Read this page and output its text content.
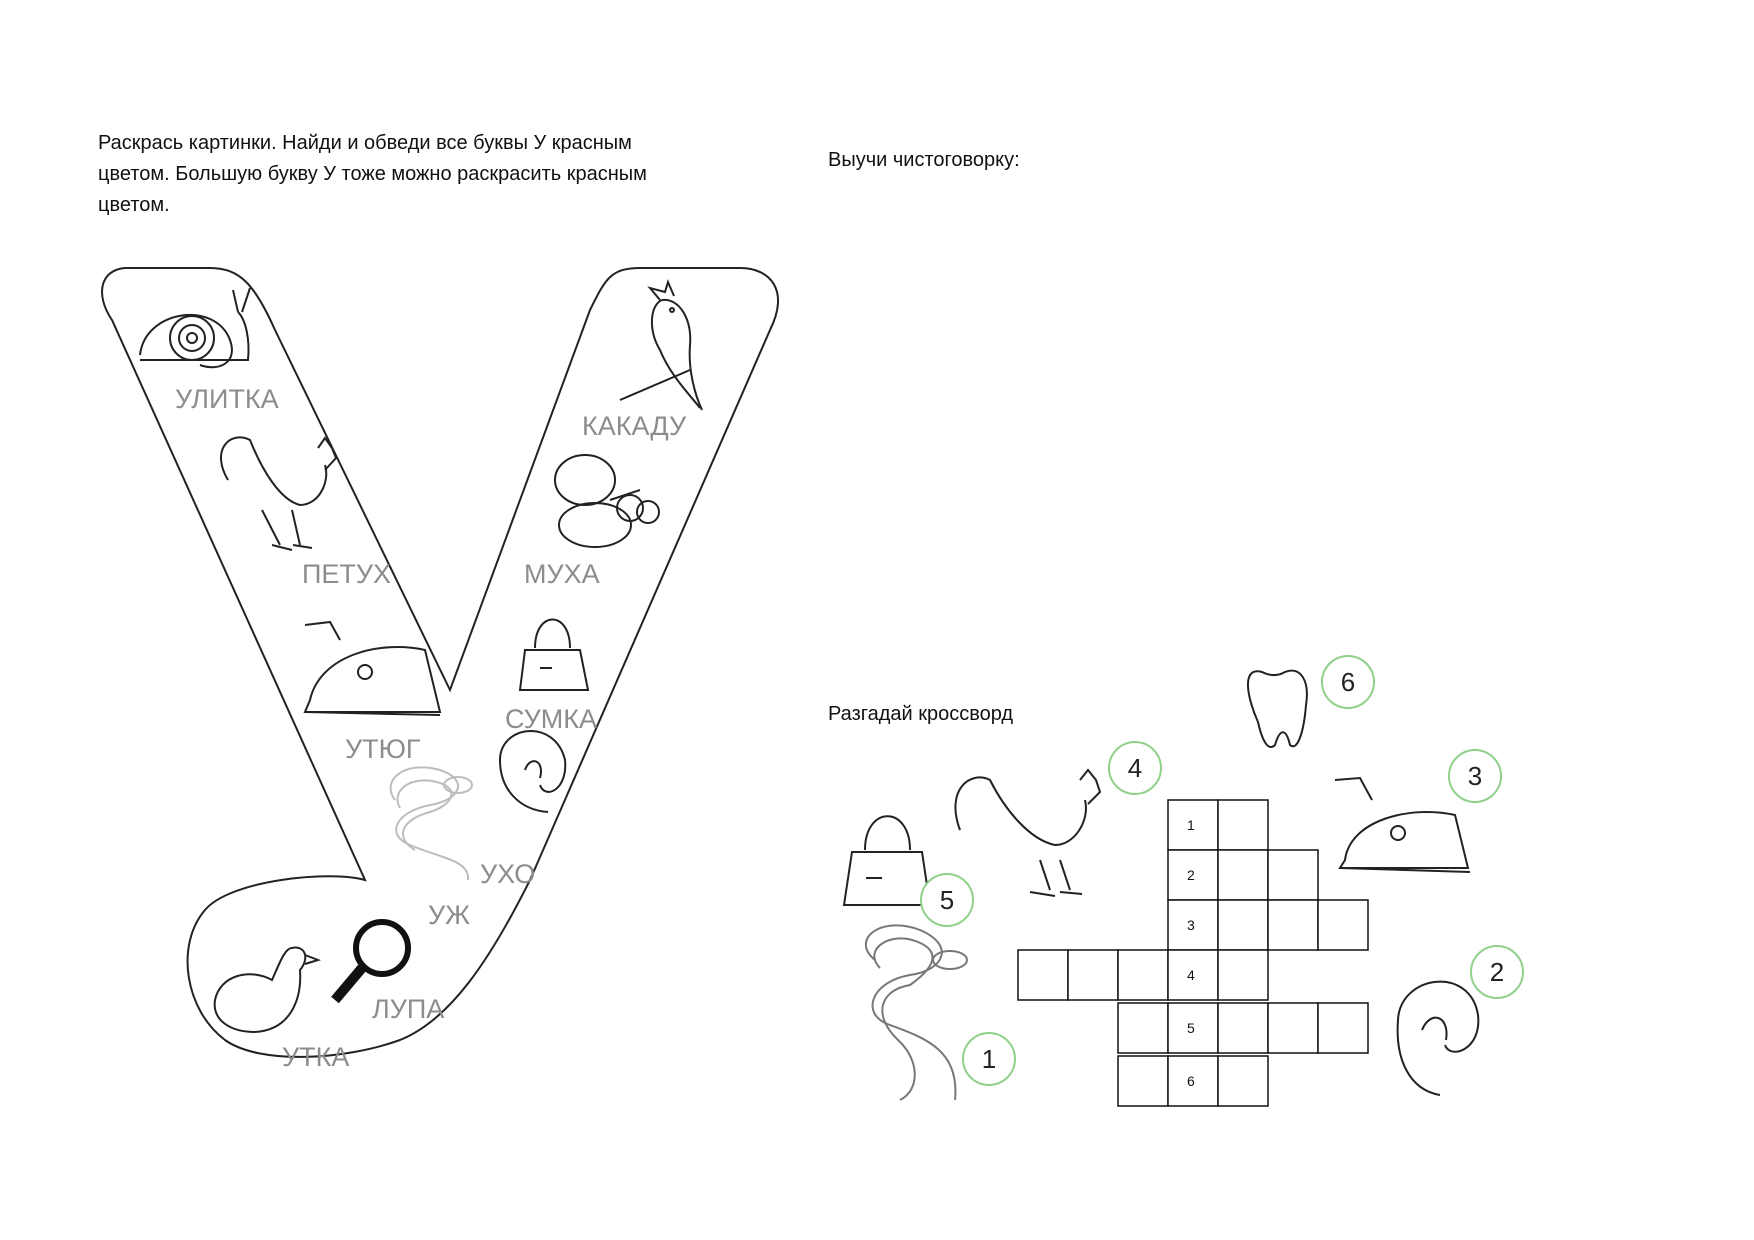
Раскрась картинки. Найди и обведи все буквы У красным
цветом. Большую букву У тоже можно раскрасить красным
цветом.
Выучи чистоговорку:
Разгадай кроссворд
УЛИТКА
КАКАДУ
ПЕТУХ	МУХА
СУМКА
УТЮГ
УХО
УЖ
ЛУПА
УТКА
1
2
3
4
5
6
1
2
3
4
5
6
